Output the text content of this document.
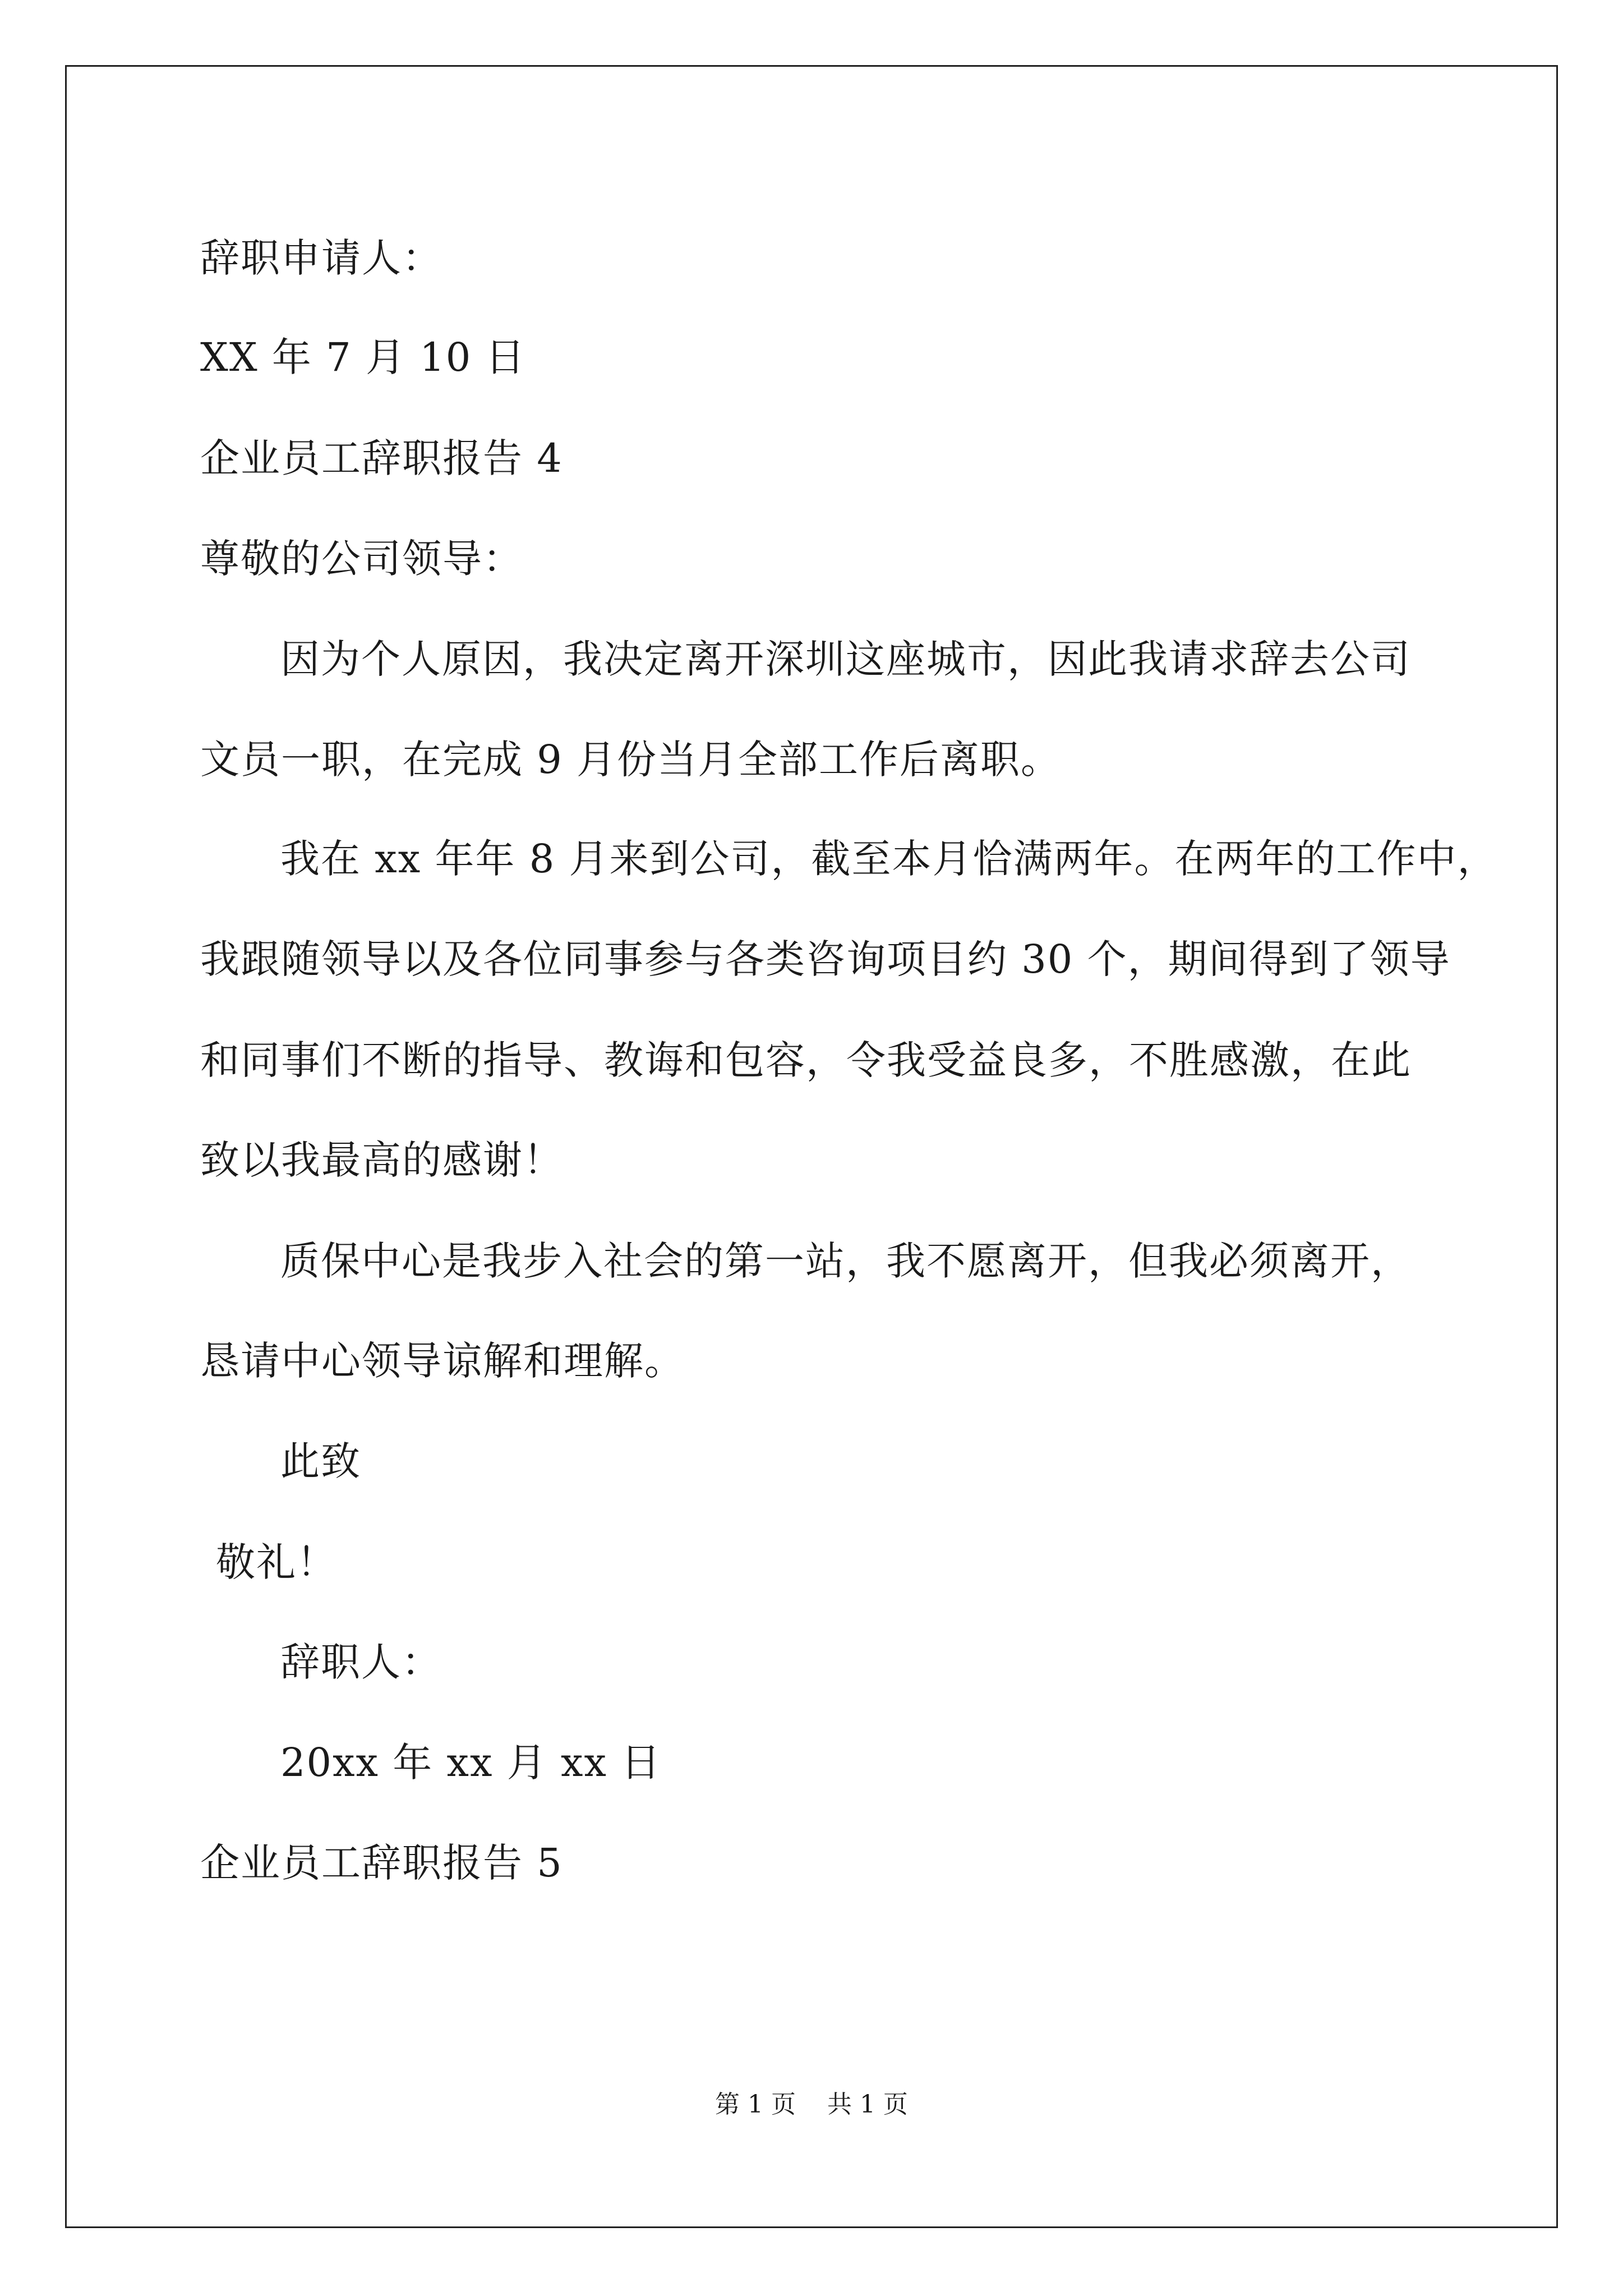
辞职申请人：
XX 年 7 月 10 日
企业员工辞职报告 4
尊敬的公司领导：
因为个人原因，我决定离开深圳这座城市，因此我请求辞去公司
文员一职，在完成 9 月份当月全部工作后离职。
我在 xx 年年 8 月来到公司，截至本月恰满两年。在两年的工作中，
我跟随领导以及各位同事参与各类咨询项目约 30 个，期间得到了领导
和同事们不断的指导、教诲和包容，令我受益良多，不胜感激，在此
致以我最高的感谢！
质保中心是我步入社会的第一站，我不愿离开，但我必须离开，
恳请中心领导谅解和理解。
此致
敬礼！
辞职人：
20xx 年 xx 月 xx 日
企业员工辞职报告 5
第 1 页    共 1 页
